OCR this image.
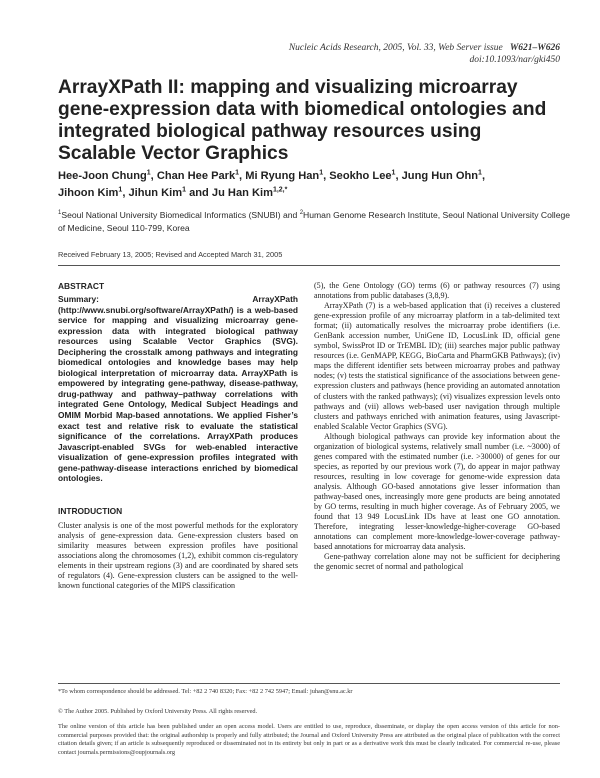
Nucleic Acids Research, 2005, Vol. 33, Web Server issue W621–W626
doi:10.1093/nar/gki450
ArrayXPath II: mapping and visualizing microarray gene-expression data with biomedical ontologies and integrated biological pathway resources using Scalable Vector Graphics
Hee-Joon Chung$^1$, Chan Hee Park$^1$, Mi Ryung Han$^1$, Seokho Lee$^1$, Jung Hun Ohn$^1$,
Jihoon Kim$^1$, Jihun Kim$^1$ and Ju Han Kim$^{1,2,*}$
$^1$Seoul National University Biomedical Informatics (SNUBI) and $^2$Human Genome Research Institute, Seoul National University College of Medicine, Seoul 110-799, Korea
Received February 13, 2005; Revised and Accepted March 31, 2005
ABSTRACT

Summary: ArrayXPath (http://www.snubi.org/software/ArrayXPath/) is a web-based service for mapping and visualizing microarray gene-expression data with integrated biological pathway resources using Scalable Vector Graphics (SVG). Deciphering the crosstalk among pathways and integrating biomedical ontologies and knowledge bases may help biological interpretation of microarray data. ArrayXPath is empowered by integrating gene-pathway, disease-pathway, drug-pathway and pathway–pathway correlations with integrated Gene Ontology, Medical Subject Headings and OMIM Morbid Map-based annotations. We applied Fisher’s exact test and relative risk to evaluate the statistical significance of the correlations. ArrayXPath produces Javascript-enabled SVGs for web-enabled interactive visualization of gene-expression profiles integrated with gene-pathway-disease interactions enriched by biomedical ontologies.

INTRODUCTION

Cluster analysis is one of the most powerful methods for the exploratory analysis of gene-expression data. Gene-expression clusters based on similarity measures between expression profiles have positional associations along the chromosomes (1,2), exhibit common cis-regulatory elements in their upstream regions (3) and are coordinated by shared sets of regulators (4). Gene-expression clusters can be assigned to the well-known functional categories of the MIPS classification

(5), the Gene Ontology (GO) terms (6) or pathway resources (7) using annotations from public databases (3,8,9).

ArrayXPath (7) is a web-based application that (i) receives a clustered gene-expression profile of any microarray platform in a tab-delimited text format; (ii) automatically resolves the microarray probe identifiers (i.e. GenBank accession number, UniGene ID, LocusLink ID, official gene symbol, SwissProt ID or TrEMBL ID); (iii) searches major public pathway resources (i.e. GenMAPP, KEGG, BioCarta and PharmGKB Pathways); (iv) maps the different identifier sets between microarray probes and pathway nodes; (v) tests the statistical significance of the associations between gene-expression clusters and pathways (hence providing an automated annotation of clusters with the ranked pathways); (vi) visualizes expression levels onto pathways and (vii) allows web-based user navigation through multiple clusters and pathways enriched with animation features, using Javascript-enabled Scalable Vector Graphics (SVG).

Although biological pathways can provide key information about the organization of biological systems, relatively small number (i.e. ~3000) of genes compared with the estimated number (i.e. >30000) of genes for our species, as reported by our previous work (7), do appear in major pathway resources, resulting in low coverage for genome-wide expression data analysis. Although GO-based annotations give lesser information than pathway-based ones, increasingly more gene products are being annotated by GO terms, resulting in much higher coverage. As of February 2005, we found that 13 949 LocusLink IDs have at least one GO annotation. Therefore, integrating lesser-knowledge-higher-coverage GO-based annotations can complement more-knowledge-lower-coverage pathway-based annotations for microarray data analysis.

Gene-pathway correlation alone may not be sufficient for deciphering the genomic secret of normal and pathological

*To whom correspondence should be addressed. Tel: +82 2 740 8320; Fax: +82 2 742 5947; Email: juhan@snu.ac.kr
© The Author 2005. Published by Oxford University Press. All rights reserved.
The online version of this article has been published under an open access model. Users are entitled to use, reproduce, disseminate, or display the open access version of this article for non-commercial purposes provided that: the original authorship is properly and fully attributed; the Journal and Oxford University Press are attributed as the original place of publication with the correct citation details given; if an article is subsequently reproduced or disseminated not in its entirety but only in part or as a derivative work this must be clearly indicated. For commercial re-use, please contact journals.permissions@oupjournals.org
